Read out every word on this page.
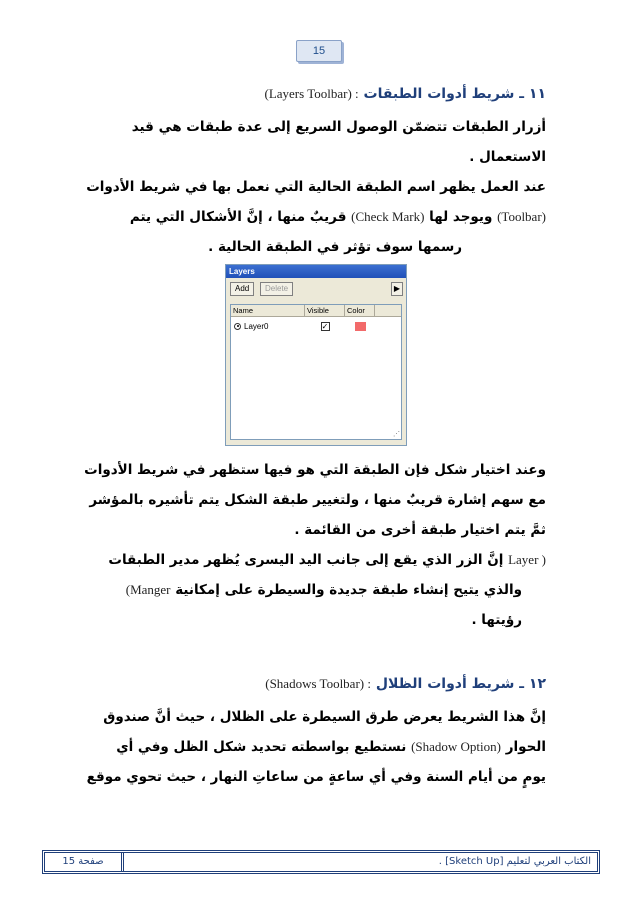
15
١١ ـ شريط أدوات الطبقات : (Layers Toolbar)
أزرار الطبقات تتضمّن الوصول السريع إلى عدة طبقات هي قيد
الاستعمال .
عند العمل يظهر اسم الطبقة الحالية التي نعمل بها في شريط الأدوات
(Toolbar) ويوجد لها (Check Mark) قريبٌ منها ، إنَّ الأشكال التي يتم
رسمها سوف تؤثر في الطبقة الحالية .
Layers
Add	Delete	▶
Name	Visible	Color
Layer0	✓
⋰
وعند اختيار شكل فإن الطبقة التي هو فيها ستظهر في شريط الأدوات
مع سهم إشارة قريبٌ منها ، ولتغيير طبقة الشكل يتم تأشيره بالمؤشر
ثمَّ يتم اختيار طبقة أخرى من القائمة .
( Layer إنَّ الزر الذي يقع إلى جانب اليد اليسرى يُظهر مدير الطبقات
والذي يتيح إنشاء طبقة جديدة والسيطرة على إمكانية Manger)
رؤيتها .
١٢ ـ شريط أدوات الظلال : (Shadows Toolbar)
إنَّ هذا الشريط يعرض طرق السيطرة على الظلال ، حيث أنَّ صندوق
الحوار (Shadow Option) نستطيع بواسطته تحديد شكل الظل وفي أي
يومٍ من أيام السنة وفي أي ساعةٍ من ساعاتِ النهار ، حيث تحوي موقع
صفحة 15	الكتاب العربي لتعليم [Sketch Up] .
